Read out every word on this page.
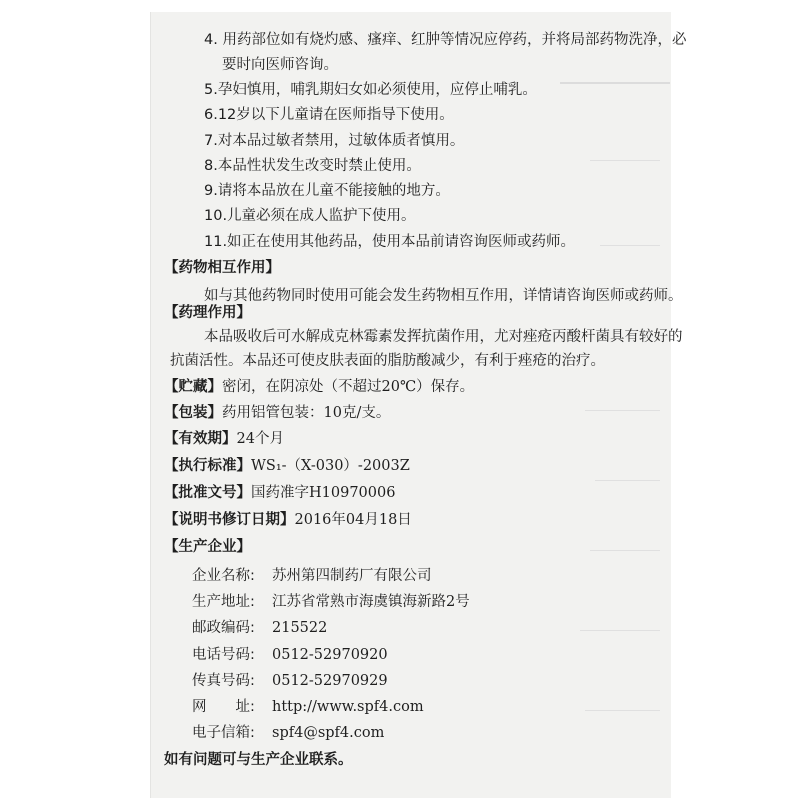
4. 用药部位如有烧灼感、瘙痒、红肿等情况应停药，并将局部药物洗净，必
要时向医师咨询。
5.孕妇慎用，哺乳期妇女如必须使用，应停止哺乳。
6.12岁以下儿童请在医师指导下使用。
7.对本品过敏者禁用，过敏体质者慎用。
8.本品性状发生改变时禁止使用。
9.请将本品放在儿童不能接触的地方。
10.儿童必须在成人监护下使用。
11.如正在使用其他药品，使用本品前请咨询医师或药师。
【药物相互作用】
如与其他药物同时使用可能会发生药物相互作用，详情请咨询医师或药师。
【药理作用】
本品吸收后可水解成克林霉素发挥抗菌作用，尤对痤疮丙酸杆菌具有较好的
抗菌活性。本品还可使皮肤表面的脂肪酸减少，有利于痤疮的治疗。
【贮藏】密闭，在阴凉处（不超过20℃）保存。
【包装】药用铝管包装：10克/支。
【有效期】24个月
【执行标准】WS₁-（X-030）-2003Z
【批准文号】国药准字H10970006
【说明书修订日期】2016年04月18日
【生产企业】
企业名称: 苏州第四制药厂有限公司
生产地址: 江苏省常熟市海虞镇海新路2号
邮政编码: 215522
电话号码: 0512-52970920
传真号码: 0512-52970929
网　　址: http://www.spf4.com
电子信箱: spf4@spf4.com
如有问题可与生产企业联系。
